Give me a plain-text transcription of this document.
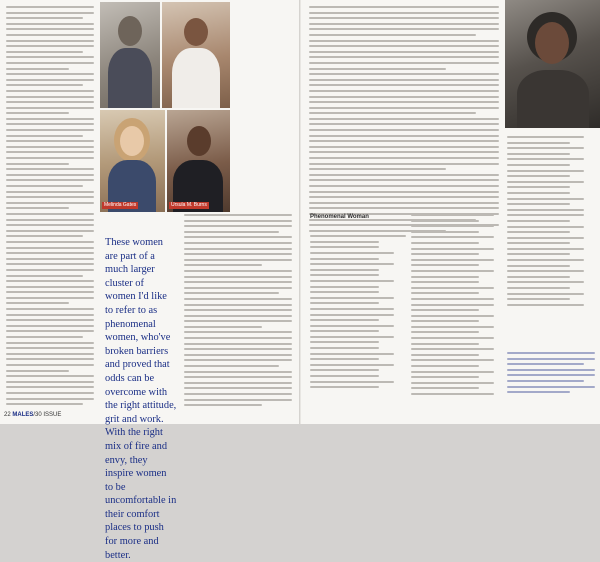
Melinda Gates	Ursula M. Burns

These women are part of a much larger cluster of women I'd like to refer to as phenomenal women, who've broken barriers and proved that odds can be overcome with the right attitude, grit and work. With the right mix of fire and envy, they inspire women to be uncomfortable in their comfort places to push for more and better.

22 MALES/30 ISSUE

Phenomenal Woman
